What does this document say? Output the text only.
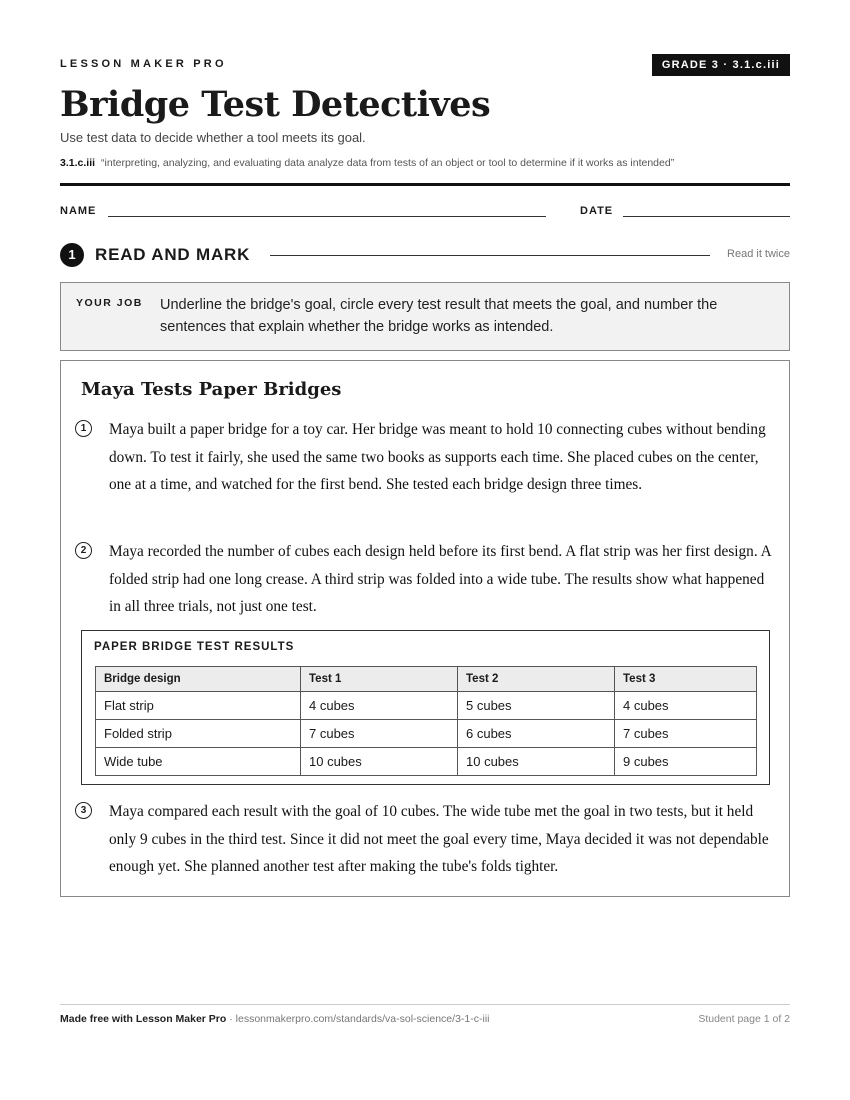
LESSON MAKER PRO	GRADE 3 · 3.1.c.iii
Bridge Test Detectives
Use test data to decide whether a tool meets its goal.
3.1.c.iii “interpreting, analyzing, and evaluating data analyze data from tests of an object or tool to determine if it works as intended”
NAME	DATE
1	READ AND MARK	Read it twice
YOUR JOB Underline the bridge's goal, circle every test result that meets the goal, and number the sentences that explain whether the bridge works as intended.
Maya Tests Paper Bridges
1	Maya built a paper bridge for a toy car. Her bridge was meant to hold 10 connecting cubes without bending down. To test it fairly, she used the same two books as supports each time. She placed cubes on the center, one at a time, and watched for the first bend. She tested each bridge design three times.
2	Maya recorded the number of cubes each design held before its first bend. A flat strip was her first design. A folded strip had one long crease. A third strip was folded into a wide tube. The results show what happened in all three trials, not just one test.
PAPER BRIDGE TEST RESULTS
Bridge design	Test 1	Test 2	Test 3
Flat strip	4 cubes	5 cubes	4 cubes
Folded strip	7 cubes	6 cubes	7 cubes
Wide tube	10 cubes	10 cubes	9 cubes
3	Maya compared each result with the goal of 10 cubes. The wide tube met the goal in two tests, but it held only 9 cubes in the third test. Since it did not meet the goal every time, Maya decided it was not dependable enough yet. She planned another test after making the tube's folds tighter.
Made free with Lesson Maker Pro · lessonmakerpro.com/standards/va-sol-science/3-1-c-iii	Student page 1 of 2
